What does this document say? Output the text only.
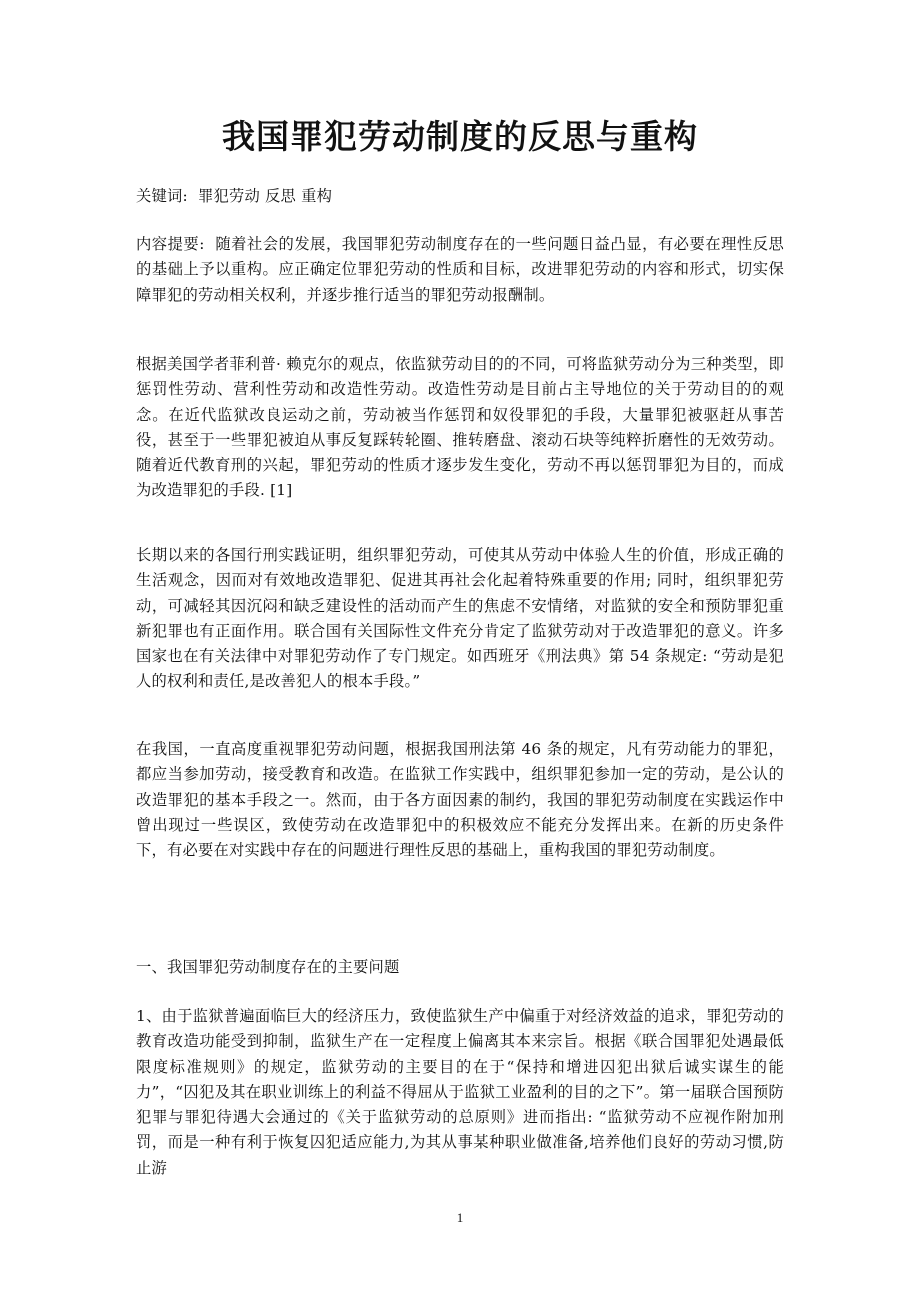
我国罪犯劳动制度的反思与重构

关键词: 罪犯劳动 反思 重构

内容提要: 随着社会的发展，我国罪犯劳动制度存在的一些问题日益凸显，有必要在理性反思的基础上予以重构。应正确定位罪犯劳动的性质和目标，改进罪犯劳动的内容和形式，切实保障罪犯的劳动相关权利，并逐步推行适当的罪犯劳动报酬制。

根据美国学者菲利普· 赖克尔的观点，依监狱劳动目的的不同，可将监狱劳动分为三种类型，即惩罚性劳动、营利性劳动和改造性劳动。改造性劳动是目前占主导地位的关于劳动目的的观念。在近代监狱改良运动之前，劳动被当作惩罚和奴役罪犯的手段，大量罪犯被驱赶从事苦役，甚至于一些罪犯被迫从事反复踩转轮圈、推转磨盘、滚动石块等纯粹折磨性的无效劳动。随着近代教育刑的兴起，罪犯劳动的性质才逐步发生变化，劳动不再以惩罚罪犯为目的，而成为改造罪犯的手段. [1]

长期以来的各国行刑实践证明，组织罪犯劳动，可使其从劳动中体验人生的价值，形成正确的生活观念，因而对有效地改造罪犯、促进其再社会化起着特殊重要的作用; 同时，组织罪犯劳动，可减轻其因沉闷和缺乏建设性的活动而产生的焦虑不安情绪，对监狱的安全和预防罪犯重新犯罪也有正面作用。联合国有关国际性文件充分肯定了监狱劳动对于改造罪犯的意义。许多国家也在有关法律中对罪犯劳动作了专门规定。如西班牙《刑法典》第 54 条规定: “劳动是犯人的权利和责任,是改善犯人的根本手段。”

在我国，一直高度重视罪犯劳动问题，根据我国刑法第 46 条的规定，凡有劳动能力的罪犯，都应当参加劳动，接受教育和改造。在监狱工作实践中，组织罪犯参加一定的劳动，是公认的改造罪犯的基本手段之一。然而，由于各方面因素的制约，我国的罪犯劳动制度在实践运作中曾出现过一些误区，致使劳动在改造罪犯中的积极效应不能充分发挥出来。在新的历史条件下，有必要在对实践中存在的问题进行理性反思的基础上，重构我国的罪犯劳动制度。

一、我国罪犯劳动制度存在的主要问题

1、由于监狱普遍面临巨大的经济压力，致使监狱生产中偏重于对经济效益的追求，罪犯劳动的教育改造功能受到抑制，监狱生产在一定程度上偏离其本来宗旨。根据《联合国罪犯处遇最低限度标准规则》的规定，监狱劳动的主要目的在于“保持和增进囚犯出狱后诚实谋生的能力”，“囚犯及其在职业训练上的利益不得屈从于监狱工业盈利的目的之下”。第一届联合国预防犯罪与罪犯待遇大会通过的《关于监狱劳动的总原则》进而指出: “监狱劳动不应视作附加刑罚，而是一种有利于恢复囚犯适应能力,为其从事某种职业做准备,培养他们良好的劳动习惯,防止游

1
